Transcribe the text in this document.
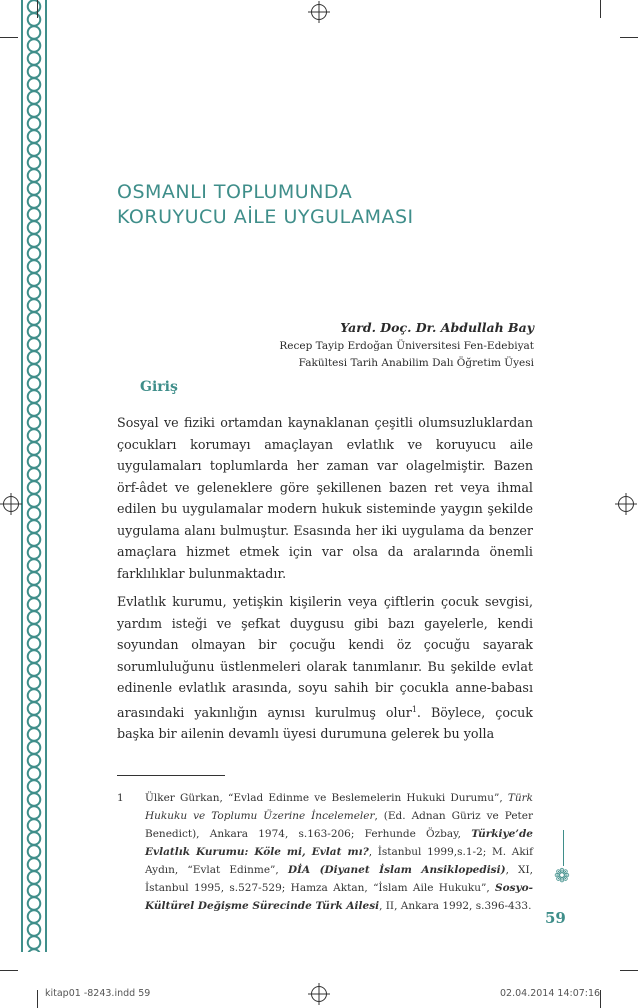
OSMANLI TOPLUMUNDA
KORUYUCU AİLE UYGULAMASI
Yard. Doç. Dr. Abdullah Bay
Recep Tayip Erdoğan Üniversitesi Fen-Edebiyat
Fakültesi Tarih Anabilim Dalı Öğretim Üyesi
Giriş
Sosyal ve fiziki ortamdan kaynaklanan çeşitli olumsuzluklardan çocukları korumayı amaçlayan evlatlık ve koruyucu aile uygulamaları toplumlarda her zaman var olagelmiştir. Bazen örf-âdet ve geleneklere göre şekillenen bazen ret veya ihmal edilen bu uygulamalar modern hukuk sisteminde yaygın şekilde uygulama alanı bulmuştur. Esasında her iki uygulama da benzer amaçlara hizmet etmek için var olsa da aralarında önemli farklılıklar bulunmaktadır.
Evlatlık kurumu, yetişkin kişilerin veya çiftlerin çocuk sevgisi, yardım isteği ve şefkat duygusu gibi bazı gayelerle, kendi soyundan olmayan bir çocuğu kendi öz çocuğu sayarak sorumluluğunu üstlenmeleri olarak tanımlanır. Bu şekilde evlat edinenle evlatlık arasında, soyu sahih bir çocukla anne-babası arasındaki yakınlığın aynısı kurulmuş olur$^1$. Böylece, çocuk başka bir ailenin devamlı üyesi durumuna gelerek bu yolla
1 Ülker Gürkan, “Evlad Edinme ve Beslemelerin Hukuki Durumu”, Türk Hukuku ve Toplumu Üzerine İncelemeler, (Ed. Adnan Güriz ve Peter Benedict), Ankara 1974, s.163-206; Ferhunde Özbay, Türkiye’de Evlatlık Kurumu: Köle mi, Evlat mı?, İstanbul 1999,s.1-2; M. Akif Aydın, “Evlat Edinme”, DİA (Diyanet İslam Ansiklopedisi), XI, İstanbul 1995, s.527-529; Hamza Aktan, “İslam Aile Hukuku”, Sosyo-Kültürel Değişme Sürecinde Türk Ailesi, II, Ankara 1992, s.396-433.
❁
59
kitap01 -8243.indd 59	02.04.2014 14:07:16
